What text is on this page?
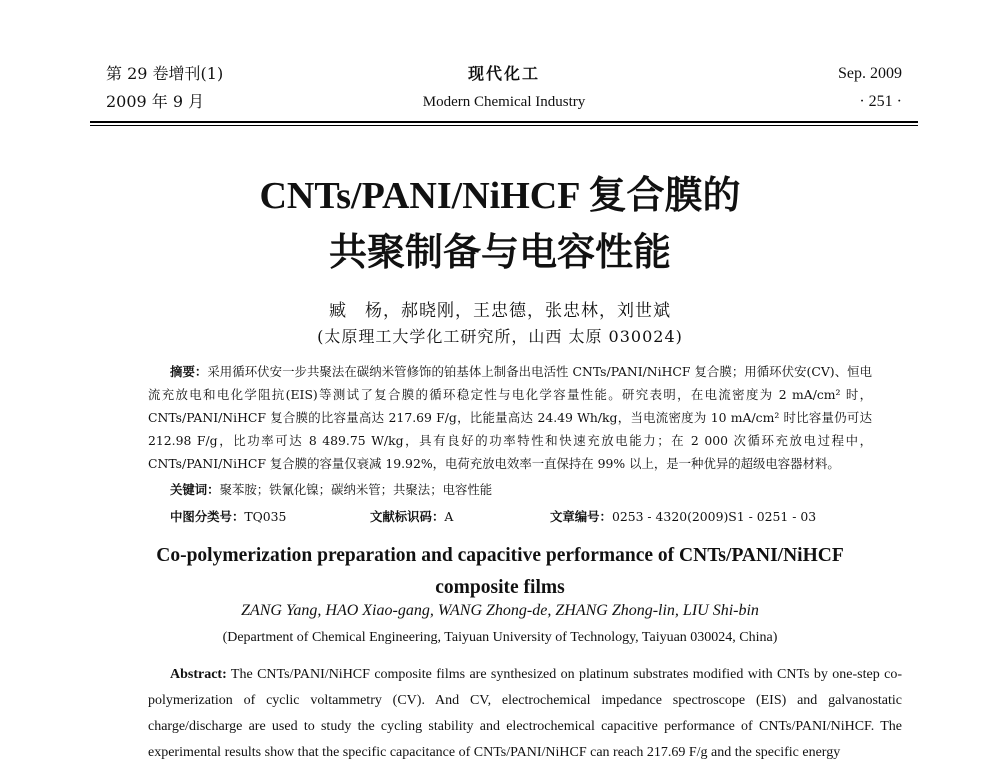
第 29 卷增刊(1)
2009 年 9 月
现代化工
Modern Chemical Industry
Sep. 2009
· 251 ·
CNTs/PANI/NiHCF 复合膜的
共聚制备与电容性能
臧　杨，郝晓刚，王忠德，张忠林，刘世斌
(太原理工大学化工研究所，山西 太原 030024)
摘要：采用循环伏安一步共聚法在碳纳米管修饰的铂基体上制备出电活性 CNTs/PANI/NiHCF 复合膜；用循环伏安(CV)、恒电流充放电和电化学阻抗(EIS)等测试了复合膜的循环稳定性与电化学容量性能。研究表明，在电流密度为 2 mA/cm² 时，CNTs/PANI/NiHCF 复合膜的比容量高达 217.69 F/g，比能量高达 24.49 Wh/kg，当电流密度为 10 mA/cm² 时比容量仍可达 212.98 F/g，比功率可达 8 489.75 W/kg，具有良好的功率特性和快速充放电能力；在 2 000 次循环充放电过程中，CNTs/PANI/NiHCF 复合膜的容量仅衰减 19.92%，电荷充放电效率一直保持在 99% 以上，是一种优异的超级电容器材料。
关键词：聚苯胺；铁氰化镍；碳纳米管；共聚法；电容性能
中图分类号：TQ035	文献标识码：A	文章编号：0253 - 4320(2009)S1 - 0251 - 03
Co-polymerization preparation and capacitive performance of CNTs/PANI/NiHCF
composite films
ZANG Yang, HAO Xiao-gang, WANG Zhong-de, ZHANG Zhong-lin, LIU Shi-bin
(Department of Chemical Engineering, Taiyuan University of Technology, Taiyuan 030024, China)

Abstract: The CNTs/PANI/NiHCF composite films are synthesized on platinum substrates modified with CNTs by one-step co-polymerization of cyclic voltammetry (CV). And CV, electrochemical impedance spectroscope (EIS) and galvanostatic charge/discharge are used to study the cycling stability and electrochemical capacitive performance of CNTs/PANI/NiHCF. The experimental results show that the specific capacitance of CNTs/PANI/NiHCF can reach 217.69 F/g and the specific energy
